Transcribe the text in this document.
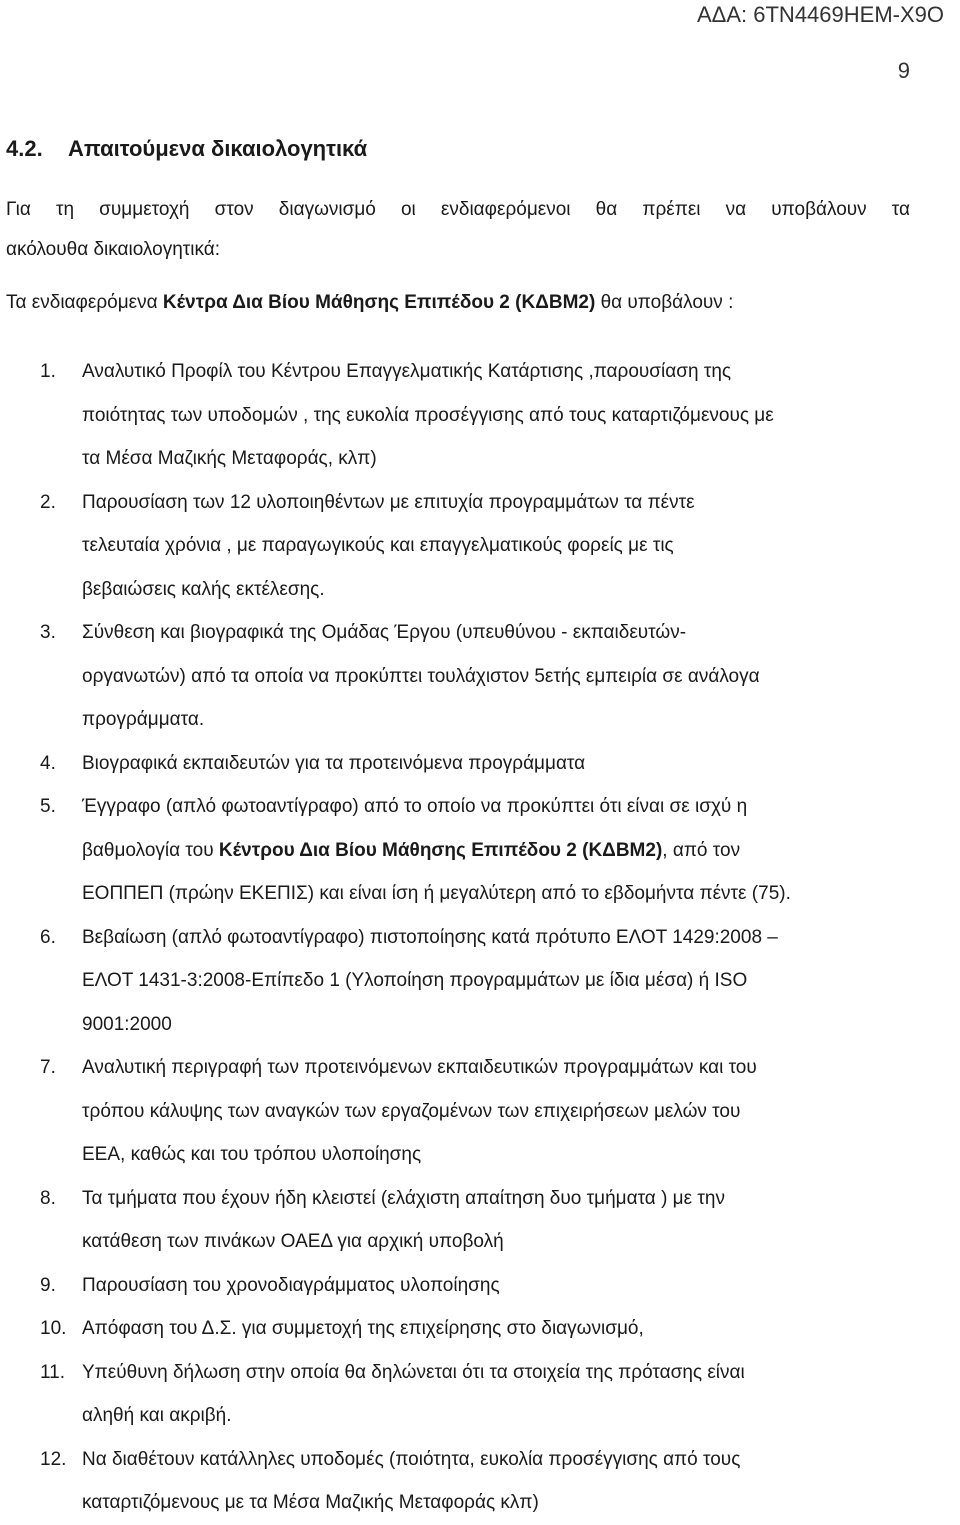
ΑΔΑ: 6ΤΝ4469ΗΕΜ-Χ9Ο
9
4.2. Απαιτούμενα δικαιολογητικά
Για τη συμμετοχή στον διαγωνισμό οι ενδιαφερόμενοι θα πρέπει να υποβάλουν τα
ακόλουθα δικαιολογητικά:
Τα ενδιαφερόμενα Κέντρα Δια Βίου Μάθησης Επιπέδου 2 (ΚΔΒΜ2) θα υποβάλουν :
1. Αναλυτικό Προφίλ του Κέντρου Επαγγελματικής Κατάρτισης ,παρουσίαση της
ποιότητας των υποδομών , της ευκολία προσέγγισης από τους καταρτιζόμενους με
τα Μέσα Μαζικής Μεταφοράς, κλπ)
2. Παρουσίαση των 12 υλοποιηθέντων με επιτυχία προγραμμάτων τα πέντε
τελευταία χρόνια , με παραγωγικούς και επαγγελματικούς φορείς με τις
βεβαιώσεις καλής εκτέλεσης.
3. Σύνθεση και βιογραφικά της Ομάδας Έργου (υπευθύνου - εκπαιδευτών-
οργανωτών) από τα οποία να προκύπτει τουλάχιστον 5ετής εμπειρία σε ανάλογα
προγράμματα.
4. Βιογραφικά εκπαιδευτών για τα προτεινόμενα προγράμματα
5. Έγγραφο (απλό φωτοαντίγραφο) από το οποίο να προκύπτει ότι είναι σε ισχύ η
βαθμολογία του Κέντρου Δια Βίου Μάθησης Επιπέδου 2 (ΚΔΒΜ2), από τον
ΕΟΠΠΕΠ (πρώην ΕΚΕΠΙΣ) και είναι ίση ή μεγαλύτερη από το εβδομήντα πέντε (75).
6. Βεβαίωση (απλό φωτοαντίγραφο) πιστοποίησης κατά πρότυπο ΕΛΟΤ 1429:2008 –
ΕΛΟΤ 1431-3:2008-Επίπεδο 1 (Υλοποίηση προγραμμάτων με ίδια μέσα) ή ISO
9001:2000
7. Αναλυτική περιγραφή των προτεινόμενων εκπαιδευτικών προγραμμάτων και του
τρόπου κάλυψης των αναγκών των εργαζομένων των επιχειρήσεων μελών του
ΕΕΑ, καθώς και του τρόπου υλοποίησης
8. Τα τμήματα που έχουν ήδη κλειστεί (ελάχιστη απαίτηση δυο τμήματα ) με την
κατάθεση των πινάκων ΟΑΕΔ για αρχική υποβολή
9. Παρουσίαση του χρονοδιαγράμματος υλοποίησης
10. Απόφαση του Δ.Σ. για συμμετοχή της επιχείρησης στο διαγωνισμό,
11. Υπεύθυνη δήλωση στην οποία θα δηλώνεται ότι τα στοιχεία της πρότασης είναι
αληθή και ακριβή.
12. Να διαθέτουν κατάλληλες υποδομές (ποιότητα, ευκολία προσέγγισης από τους
καταρτιζόμενους με τα Μέσα Μαζικής Μεταφοράς κλπ)
